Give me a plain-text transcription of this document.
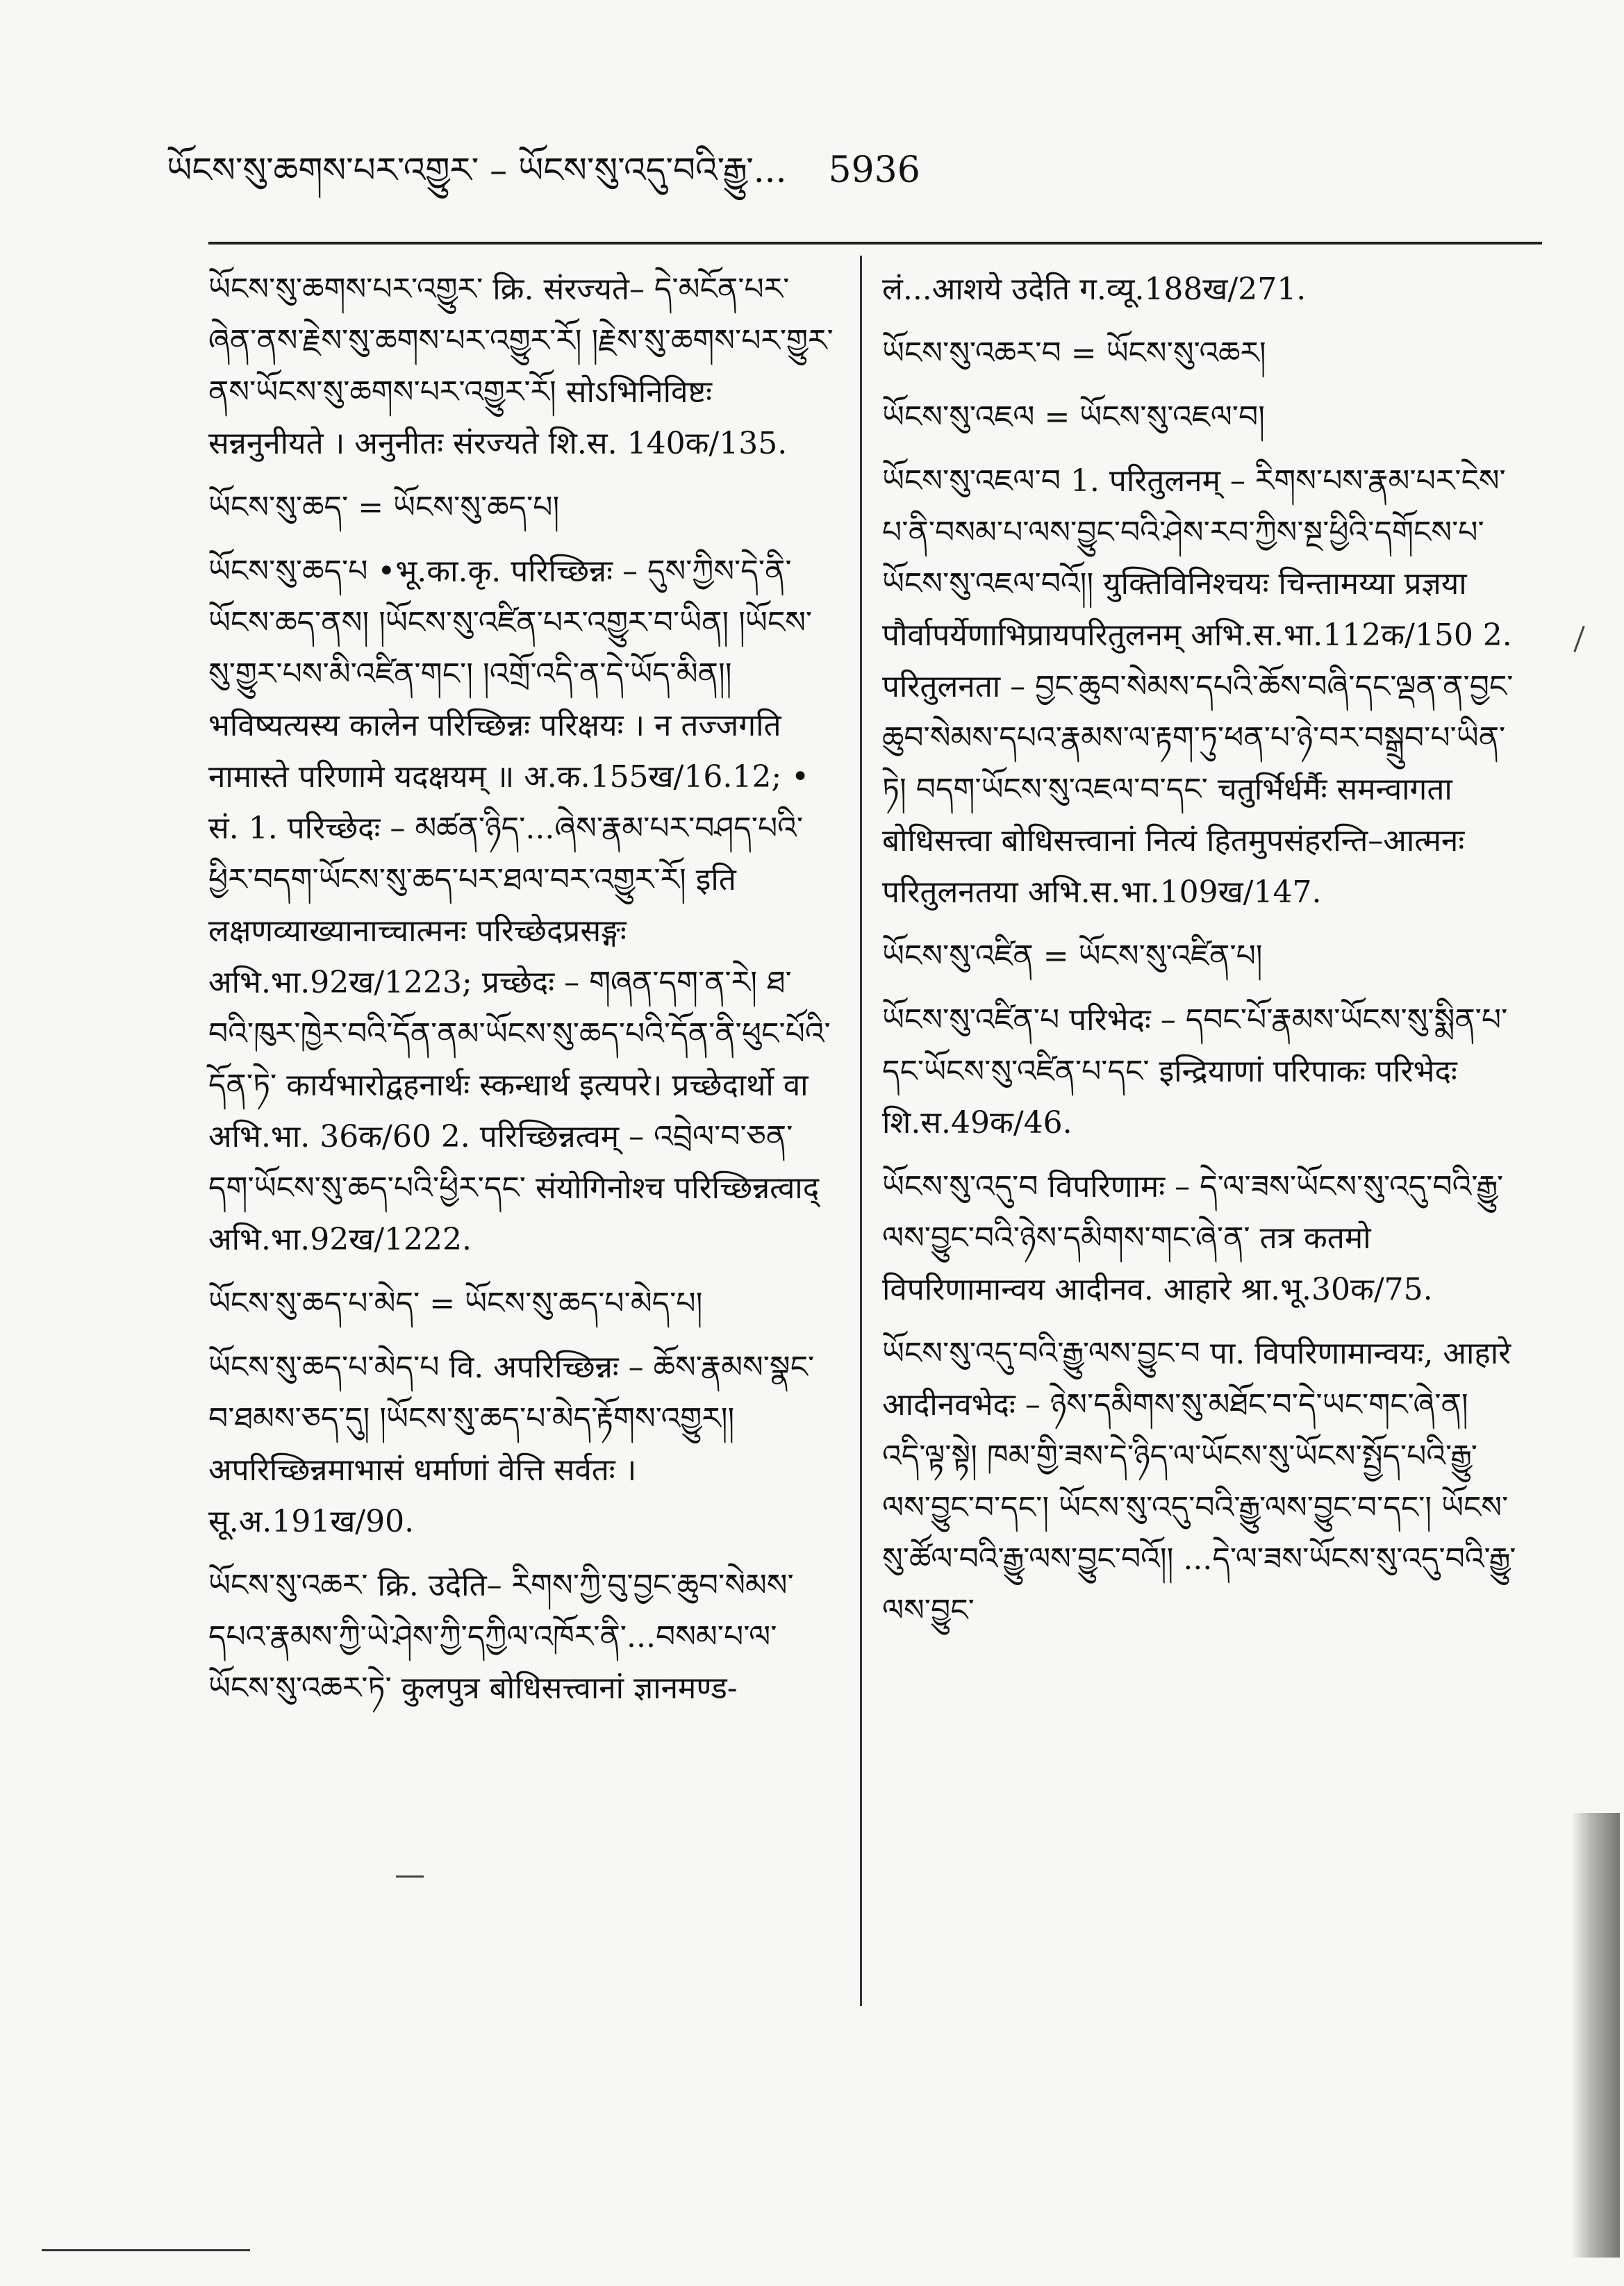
ཡོངས་སུ་ཆགས་པར་འགྱུར་ – ཡོངས་སུ་འདུ་བའི་རྒྱུ་... 5936

ཡོངས་སུ་ཆགས་པར་འགྱུར་ क्रि. संरज्यते– དེ་མངོན་པར་ཞེན་ནས་རྗེས་སུ་ཆགས་པར་འགྱུར་རོ། །རྗེས་སུ་ཆགས་པར་གྱུར་ནས་ཡོངས་སུ་ཆགས་པར་འགྱུར་རོ། सोऽभिनिविष्टः सन्ननुनीयते । अनुनीतः संरज्यते शि.स. 140क/135.

ཡོངས་སུ་ཆད་ = ཡོངས་སུ་ཆད་པ།

ཡོངས་སུ་ཆད་པ •भू.का.कृ. परिच्छिन्नः – དུས་ཀྱིས་དེ་ནི་ཡོངས་ཆད་ནས། །ཡོངས་སུ་འཛིན་པར་འགྱུར་བ་ཡིན། །ཡོངས་སུ་གྱུར་པས་མི་འཛིན་གང་། །འགྲོ་འདི་ན་དེ་ཡོད་མིན།། भविष्यत्यस्य कालेन परिच्छिन्नः परिक्षयः । न तज्जगति नामास्ते परिणामे यदक्षयम् ॥ अ.क.155ख/16.12; • सं. 1. परिच्छेदः – མཚན་ཉིད་...ཞེས་རྣམ་པར་བཤད་པའི་ཕྱིར་བདག་ཡོངས་སུ་ཆད་པར་ཐལ་བར་འགྱུར་རོ། इति लक्षणव्याख्यानाच्चात्मनः परिच्छेदप्रसङ्गः अभि.भा.92ख/1223; प्रच्छेदः – གཞན་དག་ན་རེ། ཐ་བའི་ཁུར་ཁྱེར་བའི་དོན་ནམ་ཡོངས་སུ་ཆད་པའི་དོན་ནི་ཕུང་པོའི་དོན་ཏེ་ कार्यभारोद्वहनार्थः स्कन्धार्थ इत्यपरे। प्रच्छेदार्थो वा अभि.भा. 36क/60 2. परिच्छिन्नत्वम् – འབྲེལ་བ་ཅན་དག་ཡོངས་སུ་ཆད་པའི་ཕྱིར་དང་ संयोगिनोश्च परिच्छिन्नत्वाद् अभि.भा.92ख/1222.

ཡོངས་སུ་ཆད་པ་མེད་ = ཡོངས་སུ་ཆད་པ་མེད་པ།

ཡོངས་སུ་ཆད་པ་མེད་པ वि. अपरिच्छिन्नः – ཆོས་རྣམས་སྣང་བ་ཐམས་ཅད་དུ། །ཡོངས་སུ་ཆད་པ་མེད་རྟོགས་འགྱུར།། अपरिच्छिन्नमाभासं धर्माणां वेत्ति सर्वतः । सू.अ.191ख/90.

ཡོངས་སུ་འཆར་ क्रि. उदेति– རིགས་ཀྱི་བུ་བྱང་ཆུབ་སེམས་དཔའ་རྣམས་ཀྱི་ཡེ་ཤེས་ཀྱི་དཀྱིལ་འཁོར་ནི་...བསམ་པ་ལ་ཡོངས་སུ་འཆར་ཏེ་ कुलपुत्र बोधिसत्त्वानां ज्ञानमण्ड-

लं...आशये उदेति ग.व्यू.188ख/271.

ཡོངས་སུ་འཆར་བ = ཡོངས་སུ་འཆར།

ཡོངས་སུ་འཇལ = ཡོངས་སུ་འཇལ་བ།

ཡོངས་སུ་འཇལ་བ 1. परितुलनम् – རིགས་པས་རྣམ་པར་ངེས་པ་ནི་བསམ་པ་ལས་བྱུང་བའི་ཤེས་རབ་ཀྱིས་སྔ་ཕྱིའི་དགོངས་པ་ཡོངས་སུ་འཇལ་བའོ།། युक्तिविनिश्चयः चिन्तामय्या प्रज्ञया पौर्वापर्येणाभिप्रायपरितुलनम् अभि.स.भा.112क/150 2. परितुलनता – བྱང་ཆུབ་སེམས་དཔའི་ཆོས་བཞི་དང་ལྡན་ན་བྱང་ཆུབ་སེམས་དཔའ་རྣམས་ལ་རྟག་ཏུ་ཕན་པ་ཉེ་བར་བསྒྲུབ་པ་ཡིན་ཏེ། བདག་ཡོངས་སུ་འཇལ་བ་དང་ चतुर्भिर्धर्मैः समन्वागता बोधिसत्त्वा बोधिसत्त्वानां नित्यं हितमुपसंहरन्ति–आत्मनः परितुलनतया अभि.स.भा.109ख/147.

ཡོངས་སུ་འཛིན = ཡོངས་སུ་འཛིན་པ།

ཡོངས་སུ་འཛིན་པ परिभेदः – དབང་པོ་རྣམས་ཡོངས་སུ་སྨིན་པ་དང་ཡོངས་སུ་འཛིན་པ་དང་ इन्द्रियाणां परिपाकः परिभेदः शि.स.49क/46.

ཡོངས་སུ་འདུ་བ विपरिणामः – དེ་ལ་ཟས་ཡོངས་སུ་འདུ་བའི་རྒྱུ་ལས་བྱུང་བའི་ཉེས་དམིགས་གང་ཞེ་ན་ तत्र कतमो विपरिणामान्वय आदीनव. आहारे श्रा.भू.30क/75.

ཡོངས་སུ་འདུ་བའི་རྒྱུ་ལས་བྱུང་བ पा. विपरिणामान्वयः, आहारे आदीनवभेदः – ཉེས་དམིགས་སུ་མཐོང་བ་དེ་ཡང་གང་ཞེ་ན། འདི་ལྟ་སྟེ། ཁམ་གྱི་ཟས་དེ་ཉིད་ལ་ཡོངས་སུ་ཡོངས་སྤྱོད་པའི་རྒྱུ་ལས་བྱུང་བ་དང་། ཡོངས་སུ་འདུ་བའི་རྒྱུ་ལས་བྱུང་བ་དང་། ཡོངས་སུ་ཚོལ་བའི་རྒྱུ་ལས་བྱུང་བའོ།། ...དེ་ལ་ཟས་ཡོངས་སུ་འདུ་བའི་རྒྱུ་ལས་བྱུང་
